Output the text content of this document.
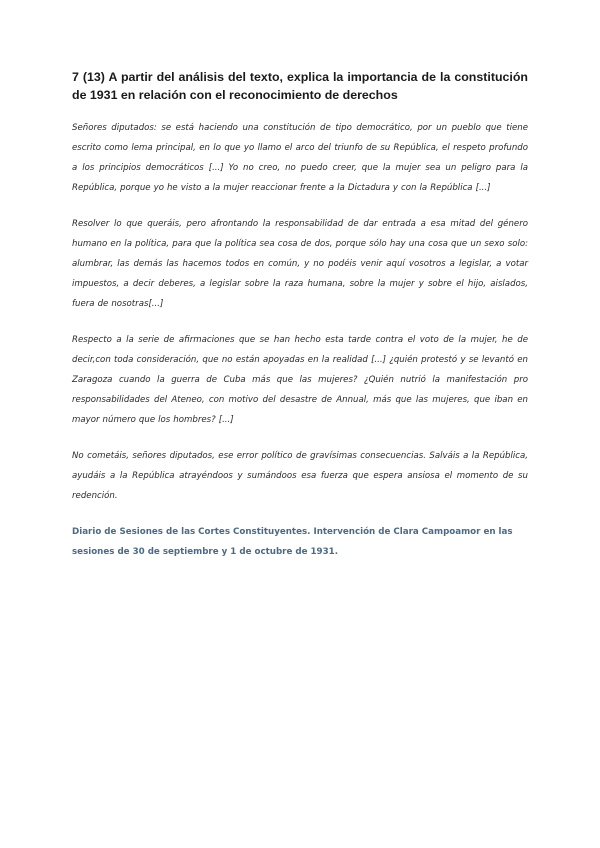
7 (13) A partir del análisis del texto, explica la importancia de la constitución de 1931 en relación con el reconocimiento de derechos

Señores diputados: se está haciendo una constitución de tipo democrático, por un pueblo que tiene escrito como lema principal, en lo que yo llamo el arco del triunfo de su República, el respeto profundo a los principios democráticos [...] Yo no creo, no puedo creer, que la mujer sea un peligro para la República, porque yo he visto a la mujer reaccionar frente a la Dictadura y con la República [...]

Resolver lo que queráis, pero afrontando la responsabilidad de dar entrada a esa mitad del género humano en la política, para que la política sea cosa de dos, porque sólo hay una cosa que un sexo solo: alumbrar, las demás las hacemos todos en común, y no podéis venir aquí vosotros a legislar, a votar impuestos, a decir deberes, a legislar sobre la raza humana, sobre la mujer y sobre el hijo, aislados, fuera de nosotras[...]

Respecto a la serie de afirmaciones que se han hecho esta tarde contra el voto de la mujer, he de decir,con toda consideración, que no están apoyadas en la realidad [...] ¿quién protestó y se levantó en Zaragoza cuando la guerra de Cuba más que las mujeres? ¿Quién nutrió la manifestación pro responsabilidades del Ateneo, con motivo del desastre de Annual, más que las mujeres, que iban en mayor número que los hombres? [...]

No cometáis, señores diputados, ese error político de gravísimas consecuencias. Salváis a la República, ayudáis a la República atrayéndoos y sumándoos esa fuerza que espera ansiosa el momento de su redención.

Diario de Sesiones de las Cortes Constituyentes. Intervención de Clara Campoamor en las sesiones de 30 de septiembre y 1 de octubre de 1931.
